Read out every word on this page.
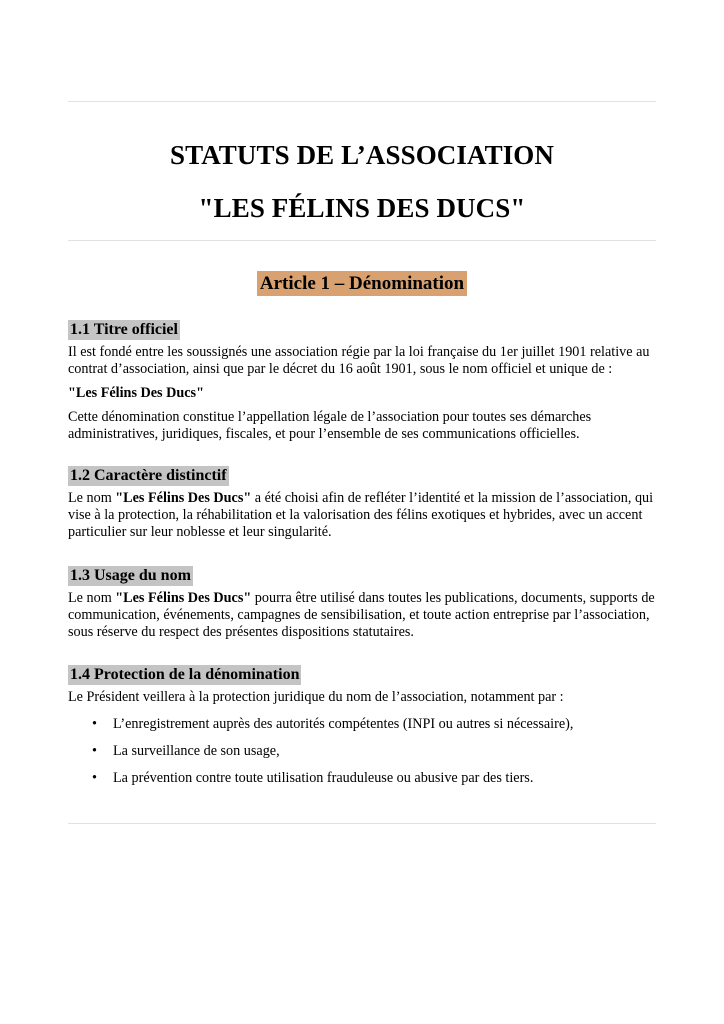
STATUTS DE L’ASSOCIATION
"LES FÉLINS DES DUCS"
Article 1 – Dénomination
1.1 Titre officiel

Il est fondé entre les soussignés une association régie par la loi française du 1er juillet 1901 relative au contrat d’association, ainsi que par le décret du 16 août 1901, sous le nom officiel et unique de :

"Les Félins Des Ducs"

Cette dénomination constitue l’appellation légale de l’association pour toutes ses démarches administratives, juridiques, fiscales, et pour l’ensemble de ses communications officielles.

1.2 Caractère distinctif

Le nom "Les Félins Des Ducs" a été choisi afin de refléter l’identité et la mission de l’association, qui vise à la protection, la réhabilitation et la valorisation des félins exotiques et hybrides, avec un accent particulier sur leur noblesse et leur singularité.

1.3 Usage du nom

Le nom "Les Félins Des Ducs" pourra être utilisé dans toutes les publications, documents, supports de communication, événements, campagnes de sensibilisation, et toute action entreprise par l’association, sous réserve du respect des présentes dispositions statutaires.

1.4 Protection de la dénomination

Le Président veillera à la protection juridique du nom de l’association, notamment par :

• L’enregistrement auprès des autorités compétentes (INPI ou autres si nécessaire),
• La surveillance de son usage,
• La prévention contre toute utilisation frauduleuse ou abusive par des tiers.
